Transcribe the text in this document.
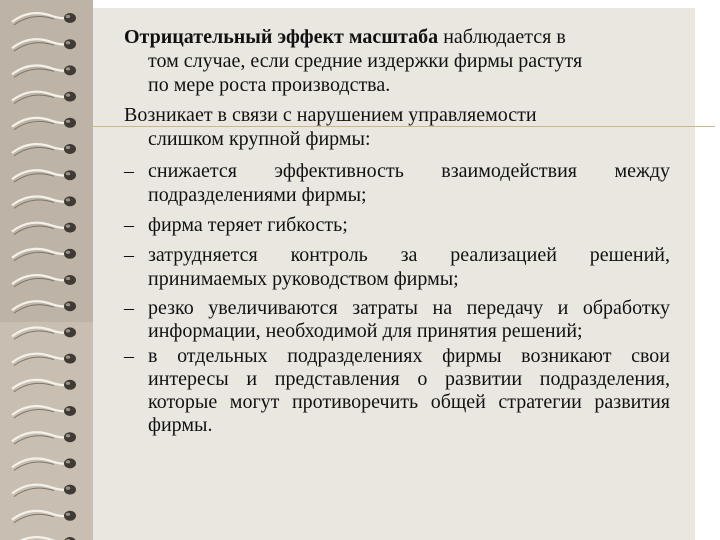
Отрицательный эффект масштаба наблюдается в
том случае, если средние издержки фирмы растутя
по мере роста производства.

Возникает в связи с нарушением управляемости
слишком крупной фирмы:

– снижается эффективность взаимодействия между подразделениями фирмы;
– фирма теряет гибкость;
– затрудняется контроль за реализацией решений, принимаемых руководством фирмы;
– резко увеличиваются затраты на передачу и обработку информации, необходимой для принятия решений;
– в отдельных подразделениях фирмы возникают свои интересы и представления о развитии подразделения, которые могут противоречить общей стратегии развития фирмы.
